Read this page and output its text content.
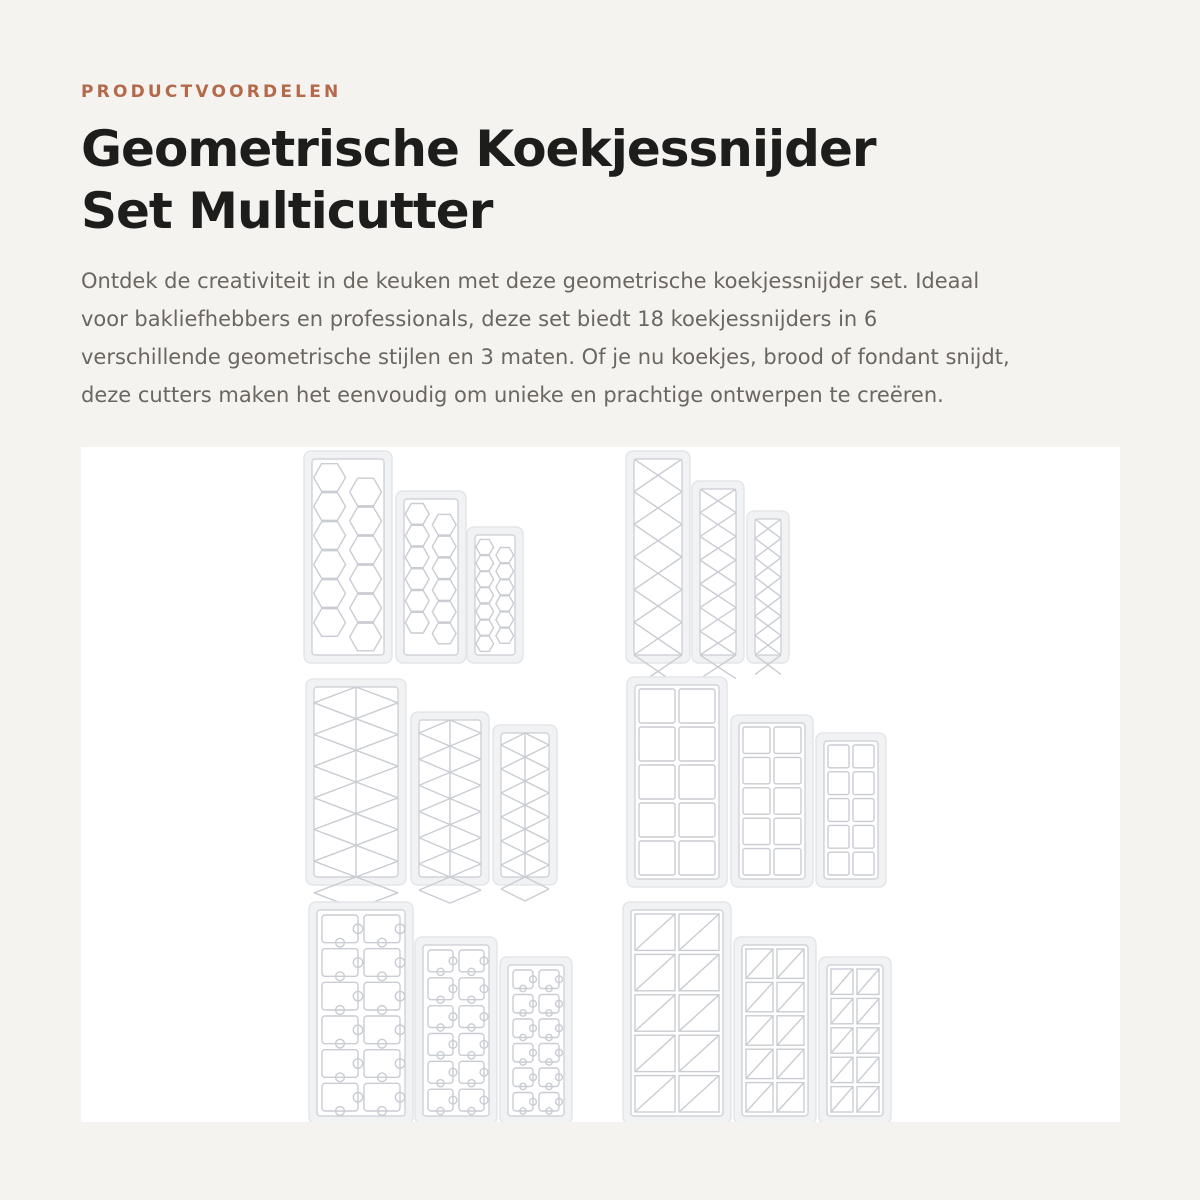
PRODUCTVOORDELEN
Geometrische Koekjessnijder
Set Multicutter

Ontdek de creativiteit in de keuken met deze geometrische koekjessnijder set. Ideaal
voor bakliefhebbers en professionals, deze set biedt 18 koekjessnijders in 6
verschillende geometrische stijlen en 3 maten. Of je nu koekjes, brood of fondant snijdt,
deze cutters maken het eenvoudig om unieke en prachtige ontwerpen te creëren.
